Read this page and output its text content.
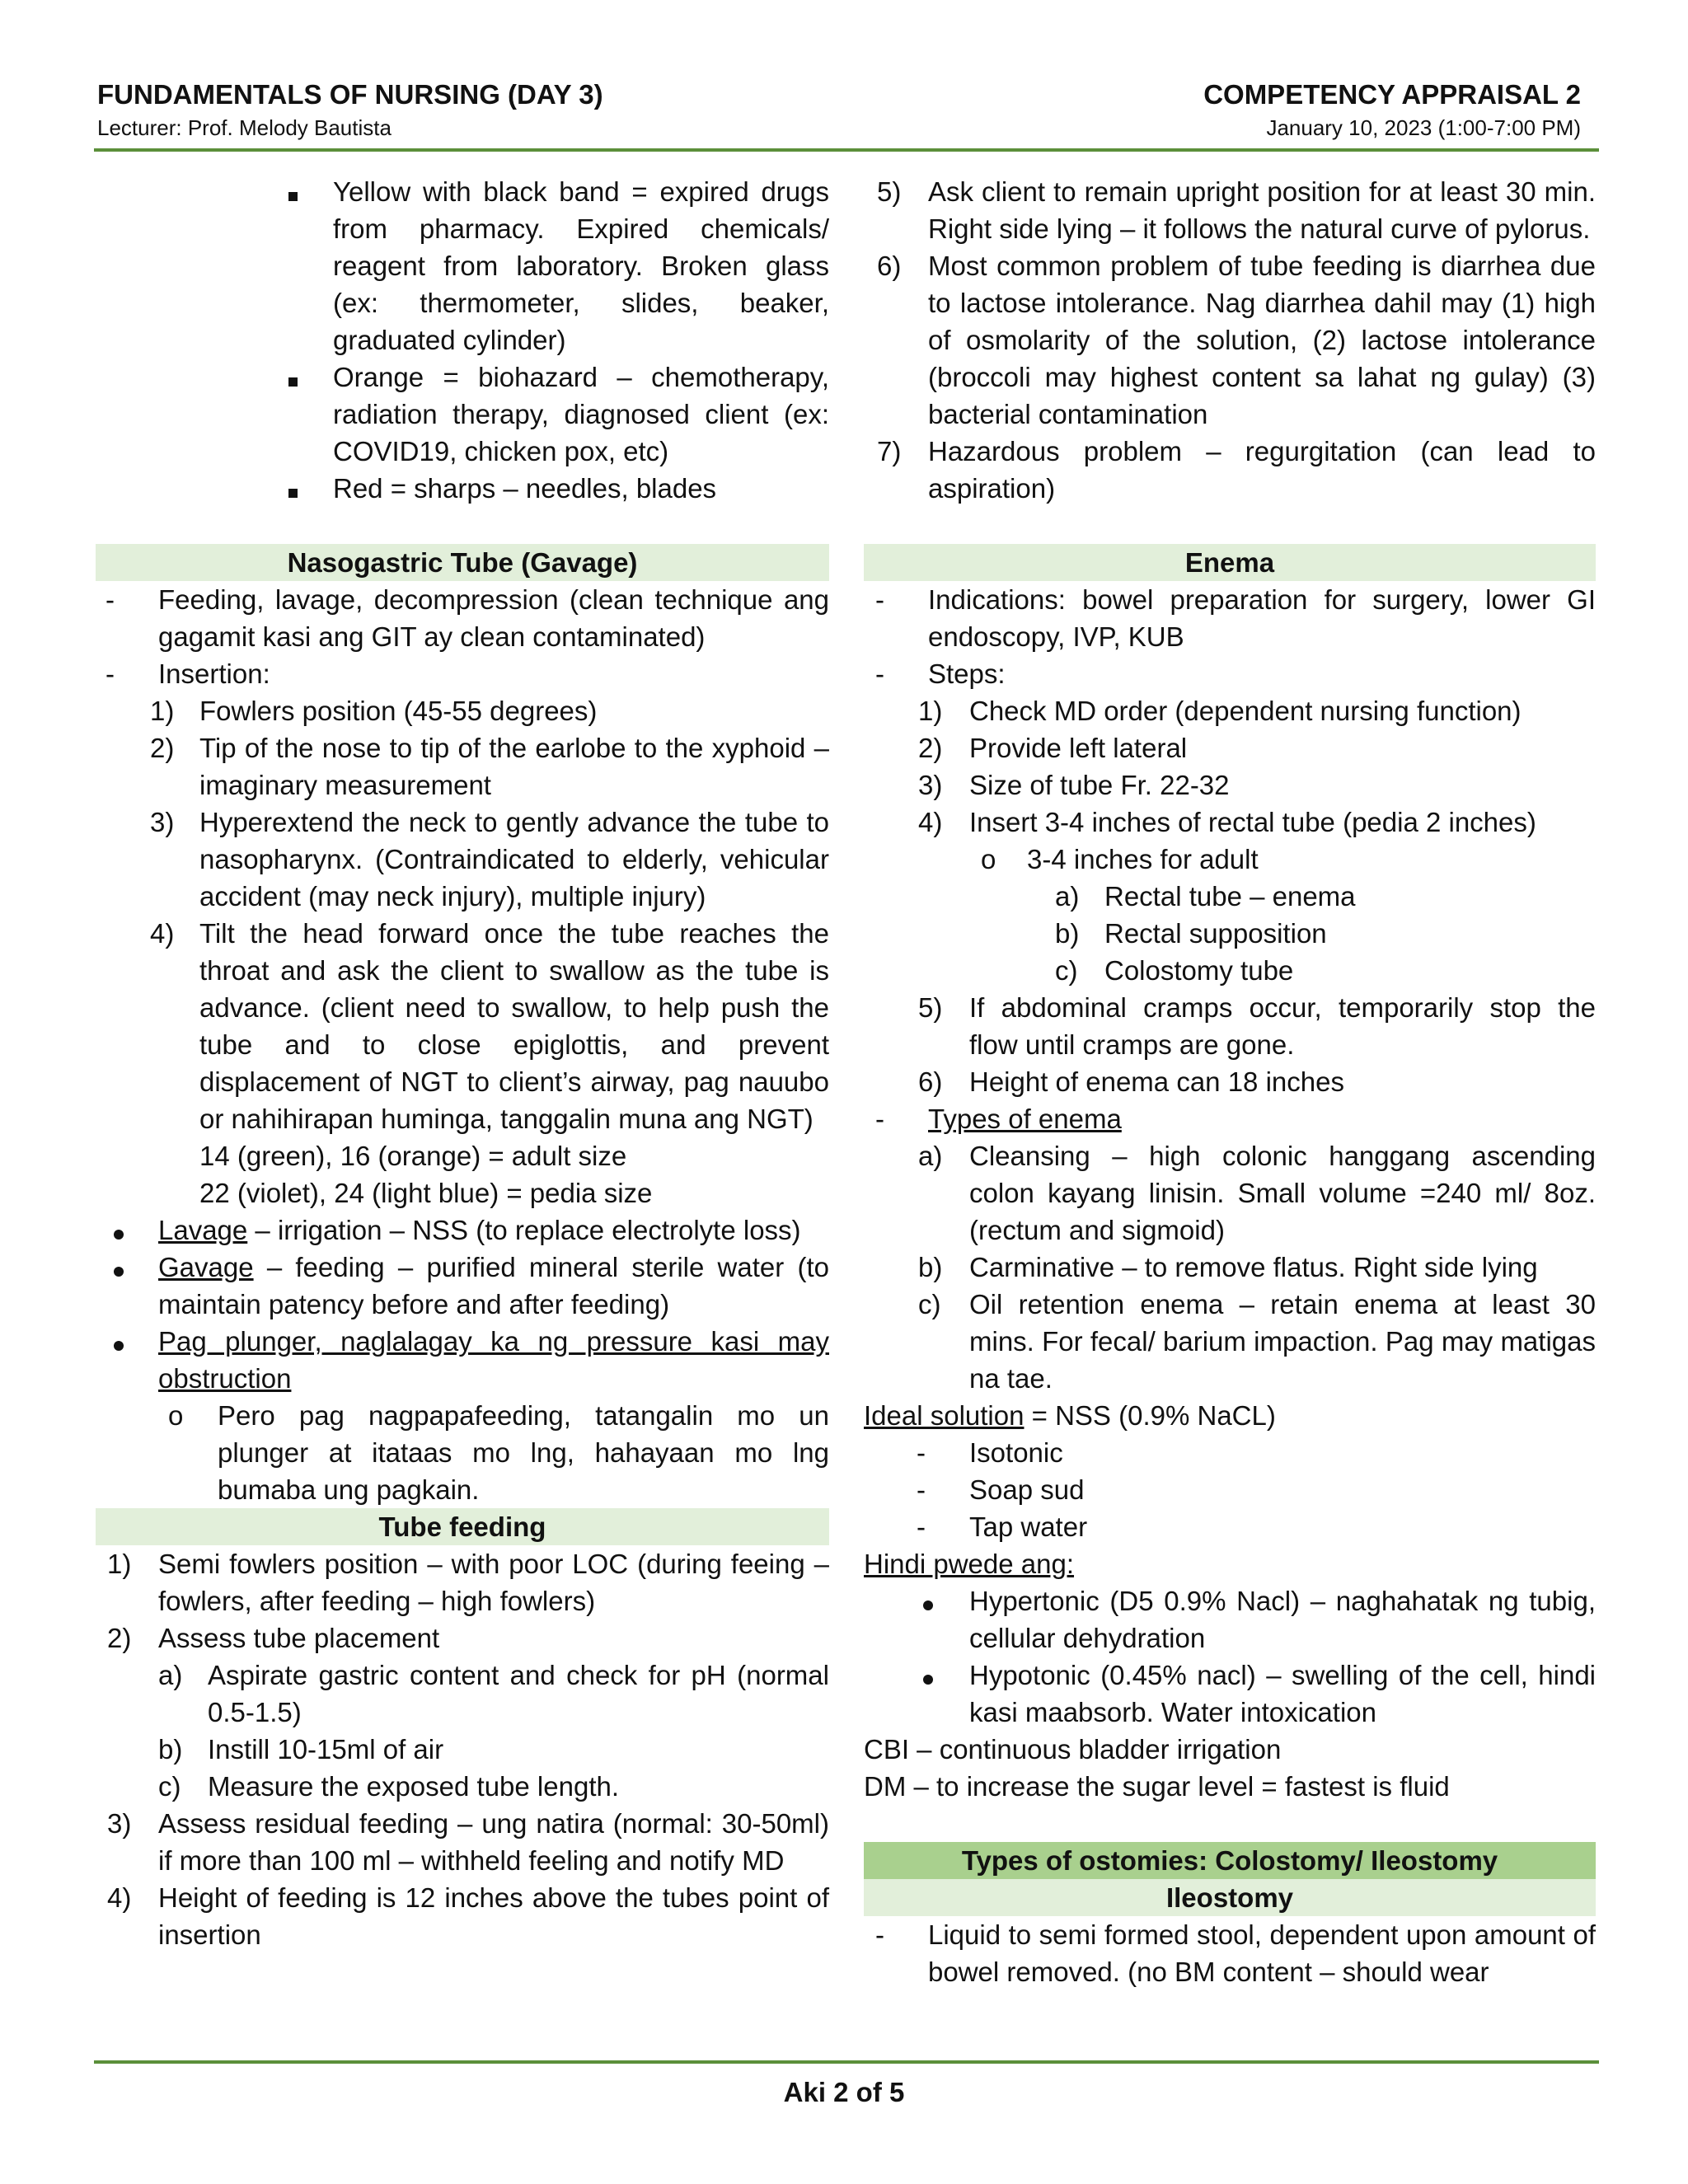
FUNDAMENTALS OF NURSING (DAY 3)	COMPETENCY APPRAISAL 2
Lecturer: Prof. Melody Bautista	January 10, 2023 (1:00-7:00 PM)
Yellow with black band = expired drugs from pharmacy. Expired chemicals/ reagent from laboratory. Broken glass (ex: thermometer, slides, beaker, graduated cylinder)
Orange = biohazard – chemotherapy, radiation therapy, diagnosed client (ex: COVID19, chicken pox, etc)
Red = sharps – needles, blades
Nasogastric Tube (Gavage)
- Feeding, lavage, decompression (clean technique ang gagamit kasi ang GIT ay clean contaminated)
- Insertion:
1) Fowlers position (45-55 degrees)
2) Tip of the nose to tip of the earlobe to the xyphoid – imaginary measurement
3) Hyperextend the neck to gently advance the tube to nasopharynx. (Contraindicated to elderly, vehicular accident (may neck injury), multiple injury)
4) Tilt the head forward once the tube reaches the throat and ask the client to swallow as the tube is advance. (client need to swallow, to help push the tube and to close epiglottis, and prevent displacement of NGT to client’s airway, pag nauubo or nahihirapan huminga, tanggalin muna ang NGT)
14 (green), 16 (orange) = adult size
22 (violet), 24 (light blue) = pedia size
Lavage – irrigation – NSS (to replace electrolyte loss)
Gavage – feeding – purified mineral sterile water (to maintain patency before and after feeding)
Pag plunger, naglalagay ka ng pressure kasi may obstruction
o Pero pag nagpapafeeding, tatangalin mo un plunger at itataas mo lng, hahayaan mo lng bumaba ung pagkain.
Tube feeding
1) Semi fowlers position – with poor LOC (during feeing – fowlers, after feeding – high fowlers)
2) Assess tube placement
a) Aspirate gastric content and check for pH (normal 0.5-1.5)
b) Instill 10-15ml of air
c) Measure the exposed tube length.
3) Assess residual feeding – ung natira (normal: 30-50ml) if more than 100 ml – withheld feeling and notify MD
4) Height of feeding is 12 inches above the tubes point of insertion
5) Ask client to remain upright position for at least 30 min. Right side lying – it follows the natural curve of pylorus.
6) Most common problem of tube feeding is diarrhea due to lactose intolerance. Nag diarrhea dahil may (1) high of osmolarity of the solution, (2) lactose intolerance (broccoli may highest content sa lahat ng gulay) (3) bacterial contamination
7) Hazardous problem – regurgitation (can lead to aspiration)
Enema
- Indications: bowel preparation for surgery, lower GI endoscopy, IVP, KUB
- Steps:
1) Check MD order (dependent nursing function)
2) Provide left lateral
3) Size of tube Fr. 22-32
4) Insert 3-4 inches of rectal tube (pedia 2 inches)
o 3-4 inches for adult
a) Rectal tube – enema
b) Rectal supposition
c) Colostomy tube
5) If abdominal cramps occur, temporarily stop the flow until cramps are gone.
6) Height of enema can 18 inches
- Types of enema
a) Cleansing – high colonic hanggang ascending colon kayang linisin. Small volume =240 ml/ 8oz. (rectum and sigmoid)
b) Carminative – to remove flatus. Right side lying
c) Oil retention enema – retain enema at least 30 mins. For fecal/ barium impaction. Pag may matigas na tae.
Ideal solution = NSS (0.9% NaCL)
- Isotonic
- Soap sud
- Tap water
Hindi pwede ang:
Hypertonic (D5 0.9% Nacl) – naghahatak ng tubig, cellular dehydration
Hypotonic (0.45% nacl) – swelling of the cell, hindi kasi maabsorb. Water intoxication
CBI – continuous bladder irrigation
DM – to increase the sugar level = fastest is fluid
Types of ostomies: Colostomy/ Ileostomy
Ileostomy
- Liquid to semi formed stool, dependent upon amount of bowel removed. (no BM content – should wear
Aki 2 of 5
